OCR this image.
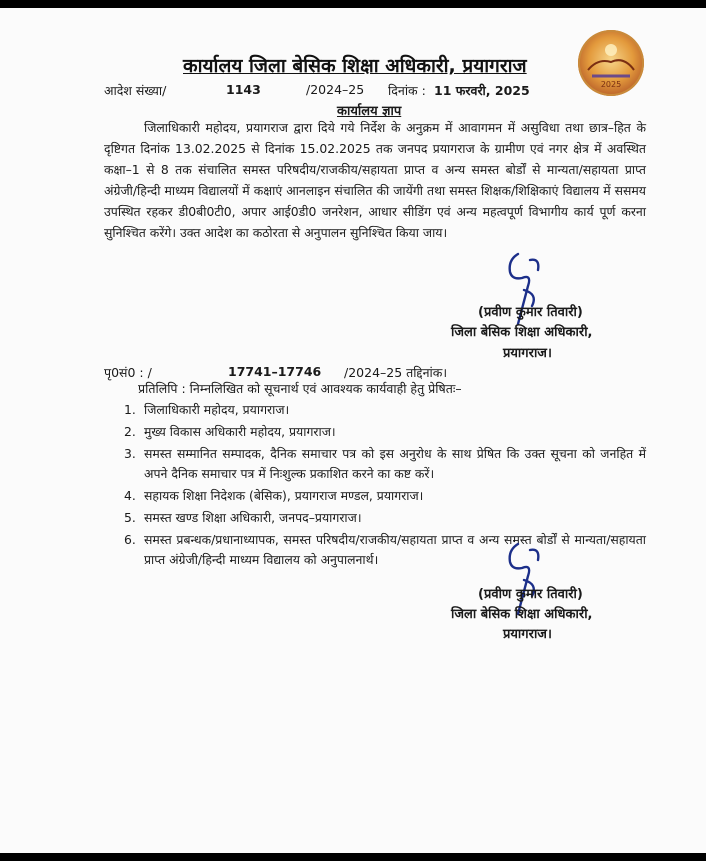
2025
कार्यालय जिला बेसिक शिक्षा अधिकारी, प्रयागराज
आदेश संख्या/	1143	/2024–25 दिनांक : 11 फरवरी, 2025
कार्यालय ज्ञाप
जिलाधिकारी महोदय, प्रयागराज द्वारा दिये गये निर्देश के अनुक्रम में आवागमन में असुविधा तथा छात्र–हित के दृष्टिगत दिनांक 13.02.2025 से दिनांक 15.02.2025 तक जनपद प्रयागराज के ग्रामीण एवं नगर क्षेत्र में अवस्थित कक्षा–1 से 8 तक संचालित समस्त परिषदीय/राजकीय/सहायता प्राप्त व अन्य समस्त बोर्डों से मान्यता/सहायता प्राप्त अंग्रेजी/हिन्दी माध्यम विद्यालयों में कक्षाएं आनलाइन संचालित की जायेंगी तथा समस्त शिक्षक/शिक्षिकाएं विद्यालय में ससमय उपस्थित रहकर डी0बी0टी0, अपार आई0डी0 जनरेशन, आधार सीडिंग एवं अन्य महत्वपूर्ण विभागीय कार्य पूर्ण करना सुनिश्चित करेंगे। उक्त आदेश का कठोरता से अनुपालन सुनिश्चित किया जाय।
(प्रवीण कुमार तिवारी)
जिला बेसिक शिक्षा अधिकारी,
प्रयागराज।
पृ0सं0 : /	17741–17746 /2024–25 तद्दिनांक।
प्रतिलिपि : निम्नलिखित को सूचनार्थ एवं आवश्यक कार्यवाही हेतु प्रेषितः–
1. जिलाधिकारी महोदय, प्रयागराज।
2. मुख्य विकास अधिकारी महोदय, प्रयागराज।
3. समस्त सम्मानित सम्पादक, दैनिक समाचार पत्र को इस अनुरोध के साथ प्रेषित कि उक्त सूचना को जनहित में अपने दैनिक समाचार पत्र में निःशुल्क प्रकाशित करने का कष्ट करें।
4. सहायक शिक्षा निदेशक (बेसिक), प्रयागराज मण्डल, प्रयागराज।
5. समस्त खण्ड शिक्षा अधिकारी, जनपद–प्रयागराज।
6. समस्त प्रबन्धक/प्रधानाध्यापक, समस्त परिषदीय/राजकीय/सहायता प्राप्त व अन्य समस्त बोर्डों से मान्यता/सहायता प्राप्त अंग्रेजी/हिन्दी माध्यम विद्यालय को अनुपालनार्थ।
(प्रवीण कुमार तिवारी)
जिला बेसिक शिक्षा अधिकारी,
प्रयागराज।
